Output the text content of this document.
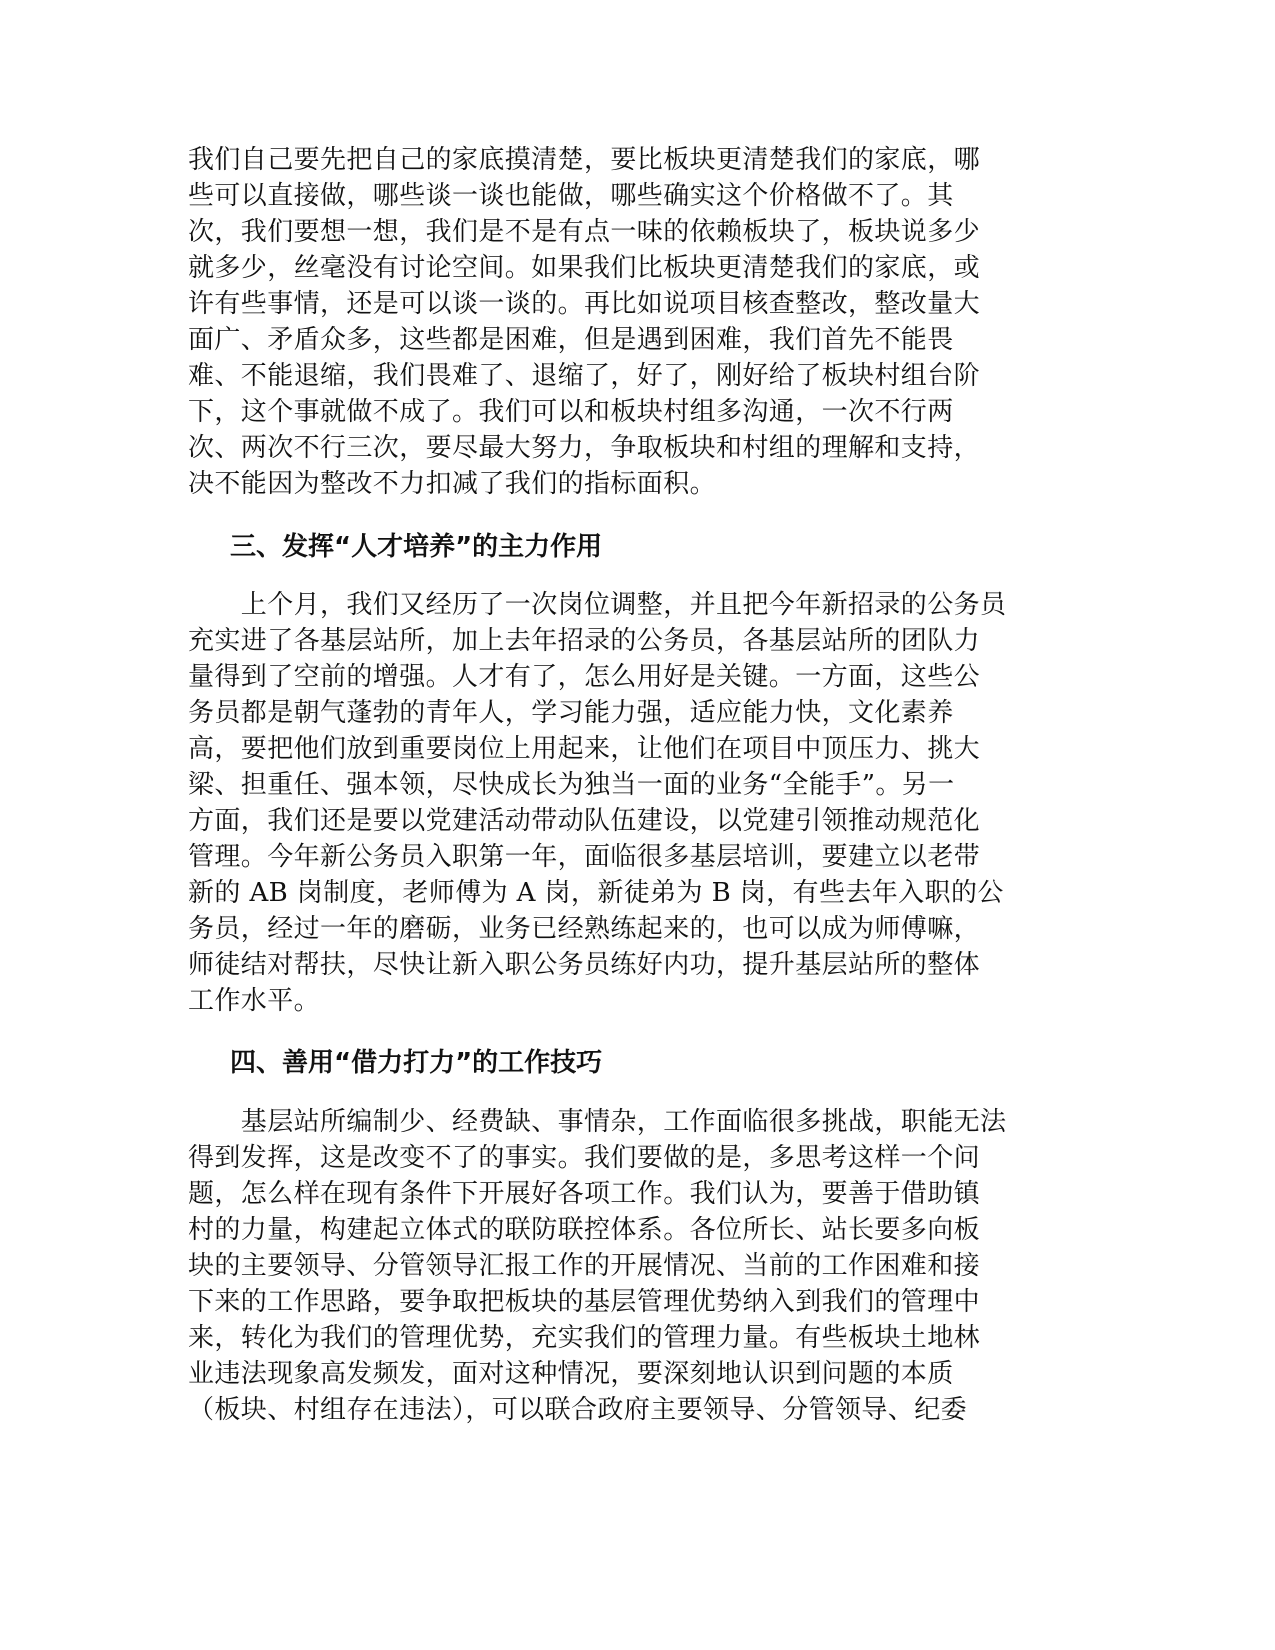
我们自己要先把自己的家底摸清楚，要比板块更清楚我们的家底，哪
些可以直接做，哪些谈一谈也能做，哪些确实这个价格做不了。其
次，我们要想一想，我们是不是有点一味的依赖板块了，板块说多少
就多少，丝毫没有讨论空间。如果我们比板块更清楚我们的家底，或
许有些事情，还是可以谈一谈的。再比如说项目核查整改，整改量大
面广、矛盾众多，这些都是困难，但是遇到困难，我们首先不能畏
难、不能退缩，我们畏难了、退缩了，好了，刚好给了板块村组台阶
下，这个事就做不成了。我们可以和板块村组多沟通，一次不行两
次、两次不行三次，要尽最大努力，争取板块和村组的理解和支持，
决不能因为整改不力扣减了我们的指标面积。
三、发挥“人才培养”的主力作用
　　上个月，我们又经历了一次岗位调整，并且把今年新招录的公务员
充实进了各基层站所，加上去年招录的公务员，各基层站所的团队力
量得到了空前的增强。人才有了，怎么用好是关键。一方面，这些公
务员都是朝气蓬勃的青年人，学习能力强，适应能力快，文化素养
高，要把他们放到重要岗位上用起来，让他们在项目中顶压力、挑大
梁、担重任、强本领，尽快成长为独当一面的业务“全能手”。另一
方面，我们还是要以党建活动带动队伍建设，以党建引领推动规范化
管理。今年新公务员入职第一年，面临很多基层培训，要建立以老带
新的 AB 岗制度，老师傅为 A 岗，新徒弟为 B 岗，有些去年入职的公
务员，经过一年的磨砺，业务已经熟练起来的，也可以成为师傅嘛，
师徒结对帮扶，尽快让新入职公务员练好内功，提升基层站所的整体
工作水平。
四、善用“借力打力”的工作技巧
　　基层站所编制少、经费缺、事情杂，工作面临很多挑战，职能无法
得到发挥，这是改变不了的事实。我们要做的是，多思考这样一个问
题，怎么样在现有条件下开展好各项工作。我们认为，要善于借助镇
村的力量，构建起立体式的联防联控体系。各位所长、站长要多向板
块的主要领导、分管领导汇报工作的开展情况、当前的工作困难和接
下来的工作思路，要争取把板块的基层管理优势纳入到我们的管理中
来，转化为我们的管理优势，充实我们的管理力量。有些板块土地林
业违法现象高发频发，面对这种情况，要深刻地认识到问题的本质
（板块、村组存在违法），可以联合政府主要领导、分管领导、纪委
